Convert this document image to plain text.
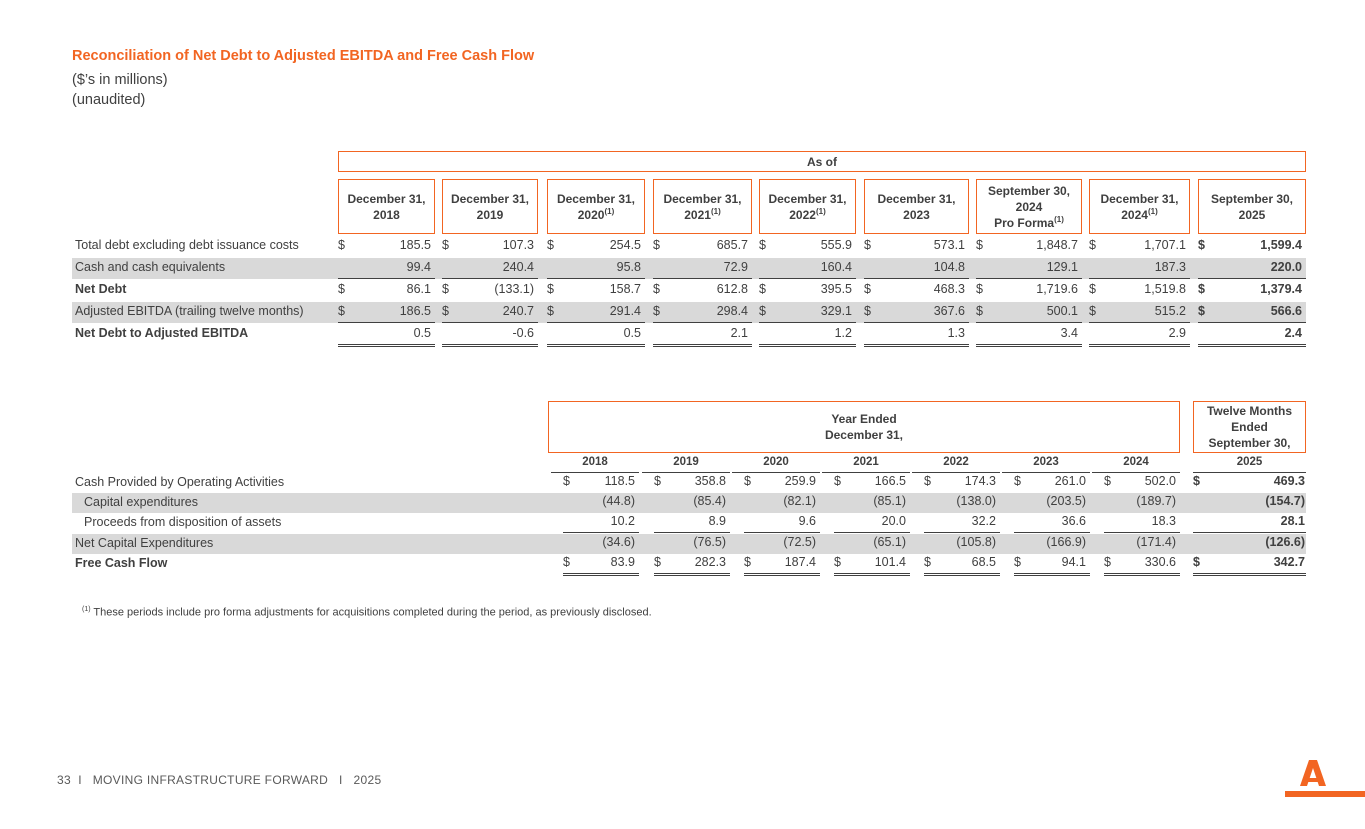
Reconciliation of Net Debt to Adjusted EBITDA and Free Cash Flow
($’s in millions)
(unaudited)
As of
December 31,
2018
December 31,
2019
December 31,
2020$^{(1)}$
December 31,
2021$^{(1)}$
December 31,
2022$^{(1)}$
December 31,
2023
September 30,
2024
Pro Forma$^{(1)}$
December 31,
2024$^{(1)}$
September 30,
2025
Total debt excluding debt issuance costs	$	185.5 $	107.3 $	254.5 $	685.7 $	555.9 $	573.1 $	1,848.7 $	1,707.1 $	1,599.4
Cash and cash equivalents	99.4	240.4	95.8	72.9	160.4	104.8	129.1	187.3	220.0
Net Debt	$	86.1 $	(133.1) $	158.7 $	612.8 $	395.5 $	468.3 $	1,719.6 $	1,519.8 $	1,379.4
Adjusted EBITDA (trailing twelve months)	$	186.5 $	240.7 $	291.4 $	298.4 $	329.1 $	367.6 $	500.1 $	515.2 $	566.6
Net Debt to Adjusted EBITDA	0.5	-0.6	0.5	2.1	1.2	1.3	3.4	2.9	2.4
Year Ended
December 31,
Twelve Months
Ended
September 30,
2018	2019	2020	2021	2022	2023	2024	2025
Cash Provided by Operating Activities	$	118.5 $	358.8 $	259.9 $	166.5 $	174.3 $	261.0 $	502.0 $	469.3
Capital expenditures	(44.8)	(85.4)	(82.1)	(85.1)	(138.0)	(203.5)	(189.7)	(154.7)
Proceeds from disposition of assets	10.2	8.9	9.6	20.0	32.2	36.6	18.3	28.1
Net Capital Expenditures	(34.6)	(76.5)	(72.5)	(65.1)	(105.8)	(166.9)	(171.4)	(126.6)
Free Cash Flow	$	83.9 $	282.3 $	187.4 $	101.4 $	68.5 $	94.1 $	330.6 $	342.7
$^{(1)}$ These periods include pro forma adjustments for acquisitions completed during the period, as previously disclosed.
33  I   MOVING INFRASTRUCTURE FORWARD   I   2025
